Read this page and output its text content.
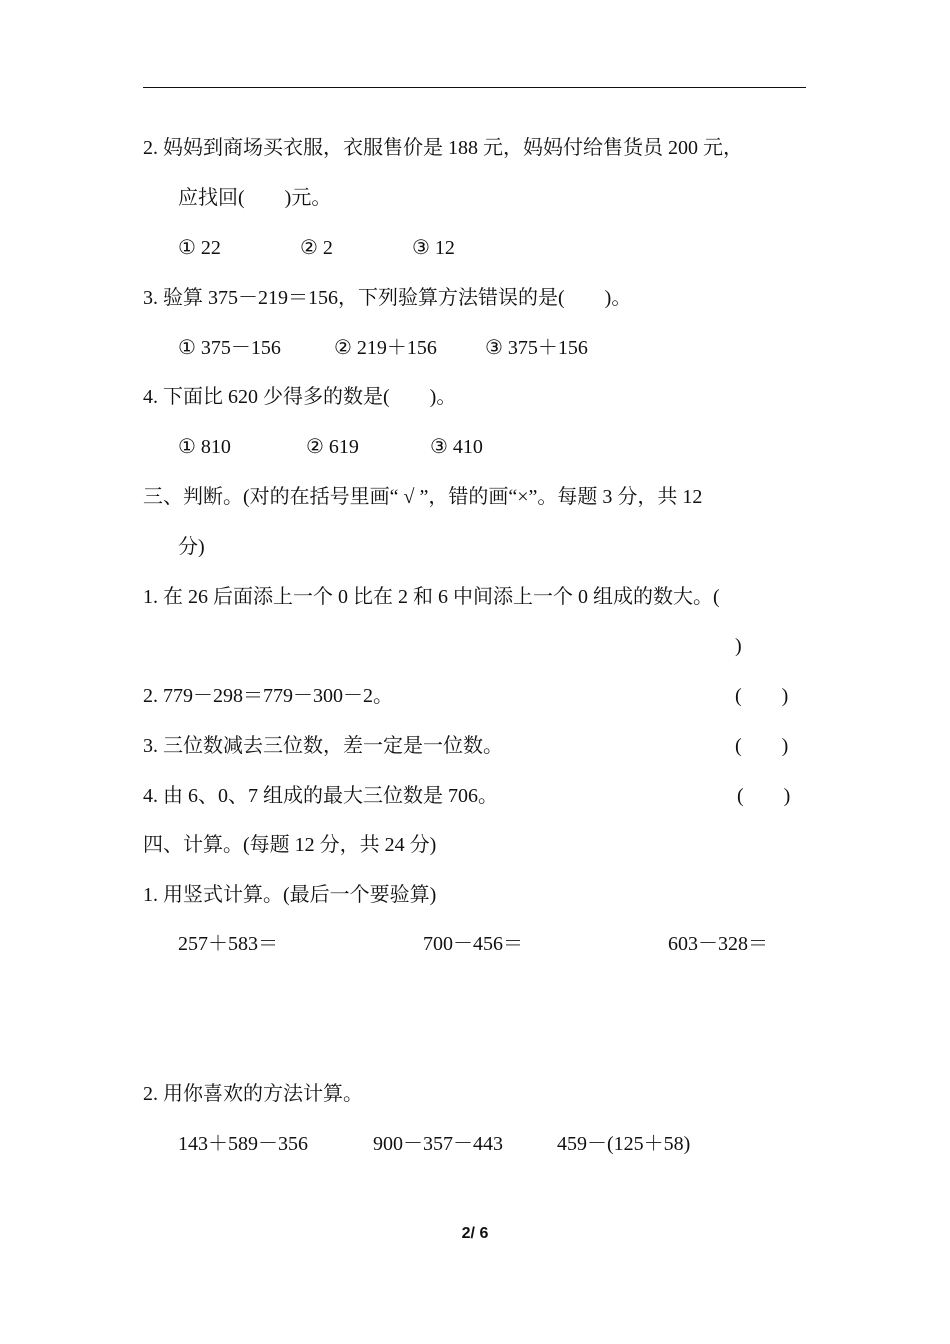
2. 妈妈到商场买衣服，衣服售价是 188 元，妈妈付给售货员 200 元，
应找回(　　)元。
① 22	② 2	③ 12
3. 验算 375－219＝156，下列验算方法错误的是(　　)。
① 375－156	② 219＋156 ③ 375＋156
4. 下面比 620 少得多的数是(　　)。
① 810	② 619	③ 410
三、判断。(对的在括号里画“ √ ”，错的画“×”。每题 3 分，共 12
分)
1. 在 26 后面添上一个 0 比在 2 和 6 中间添上一个 0 组成的数大。(
)
2. 779－298＝779－300－2。	(　　)
3. 三位数减去三位数，差一定是一位数。	(　　)
4. 由 6、0、7 组成的最大三位数是 706。	(　　)
四、计算。(每题 12 分，共 24 分)
1. 用竖式计算。(最后一个要验算)
257＋583＝	700－456＝	603－328＝
2. 用你喜欢的方法计算。
143＋589－356	900－357－443	459－(125＋58)
2/ 6
